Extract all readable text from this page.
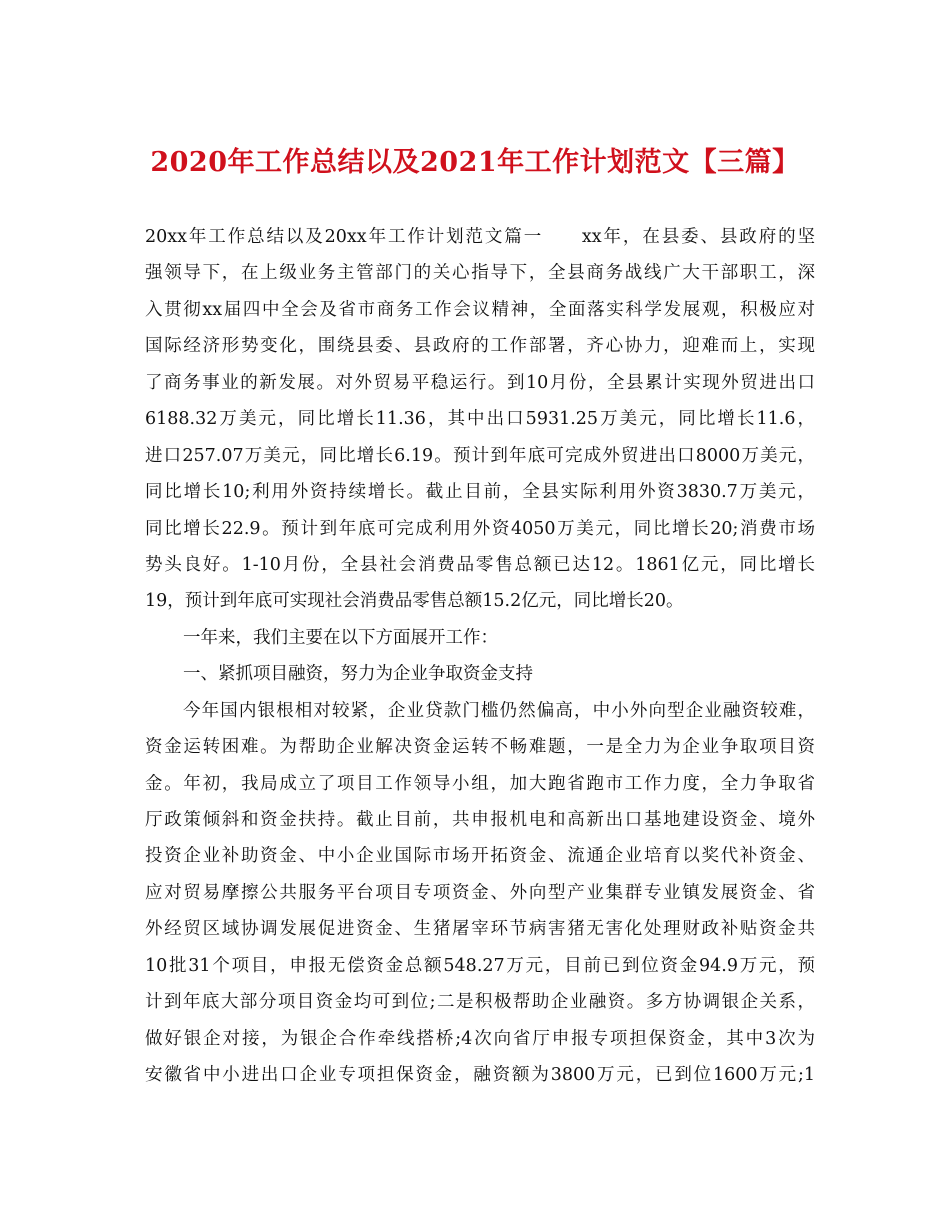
2020年工作总结以及2021年工作计划范文【三篇】
20xx年工作总结以及20xx年工作计划范文篇一　　xx年，在县委、县政府的坚
强领导下，在上级业务主管部门的关心指导下，全县商务战线广大干部职工，深
入贯彻xx届四中全会及省市商务工作会议精神，全面落实科学发展观，积极应对
国际经济形势变化，围绕县委、县政府的工作部署，齐心协力，迎难而上，实现
了商务事业的新发展。对外贸易平稳运行。到10月份，全县累计实现外贸进出口
6188.32万美元，同比增长11.36，其中出口5931.25万美元，同比增长11.6，
进口257.07万美元，同比增长6.19。预计到年底可完成外贸进出口8000万美元，
同比增长10;利用外资持续增长。截止目前，全县实际利用外资3830.7万美元，
同比增长22.9。预计到年底可完成利用外资4050万美元，同比增长20;消费市场
势头良好。1-10月份，全县社会消费品零售总额已达12。1861亿元，同比增长
19，预计到年底可实现社会消费品零售总额15.2亿元，同比增长20。
一年来，我们主要在以下方面展开工作：
一、紧抓项目融资，努力为企业争取资金支持
今年国内银根相对较紧，企业贷款门槛仍然偏高，中小外向型企业融资较难，
资金运转困难。为帮助企业解决资金运转不畅难题，一是全力为企业争取项目资
金。年初，我局成立了项目工作领导小组，加大跑省跑市工作力度，全力争取省
厅政策倾斜和资金扶持。截止目前，共申报机电和高新出口基地建设资金、境外
投资企业补助资金、中小企业国际市场开拓资金、流通企业培育以奖代补资金、
应对贸易摩擦公共服务平台项目专项资金、外向型产业集群专业镇发展资金、省
外经贸区域协调发展促进资金、生猪屠宰环节病害猪无害化处理财政补贴资金共
10批31个项目，申报无偿资金总额548.27万元，目前已到位资金94.9万元，预
计到年底大部分项目资金均可到位;二是积极帮助企业融资。多方协调银企关系，
做好银企对接，为银企合作牵线搭桥;4次向省厅申报专项担保资金，其中3次为
安徽省中小进出口企业专项担保资金，融资额为3800万元，已到位1600万元;1
